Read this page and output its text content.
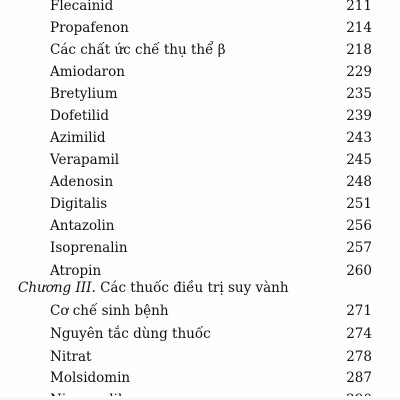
Flecainid	211
Propafenon	214
Các chất ức chế thụ thể β	218
Amiodaron	229
Bretylium	235
Dofetilid	239
Azimilid	243
Verapamil	245
Adenosin	248
Digitalis	251
Antazolin	256
Isoprenalin	257
Atropin	260
Chương III. Các thuốc điều trị suy vành
Cơ chế sinh bệnh	271
Nguyên tắc dùng thuốc	274
Nitrat	278
Molsidomin	287
